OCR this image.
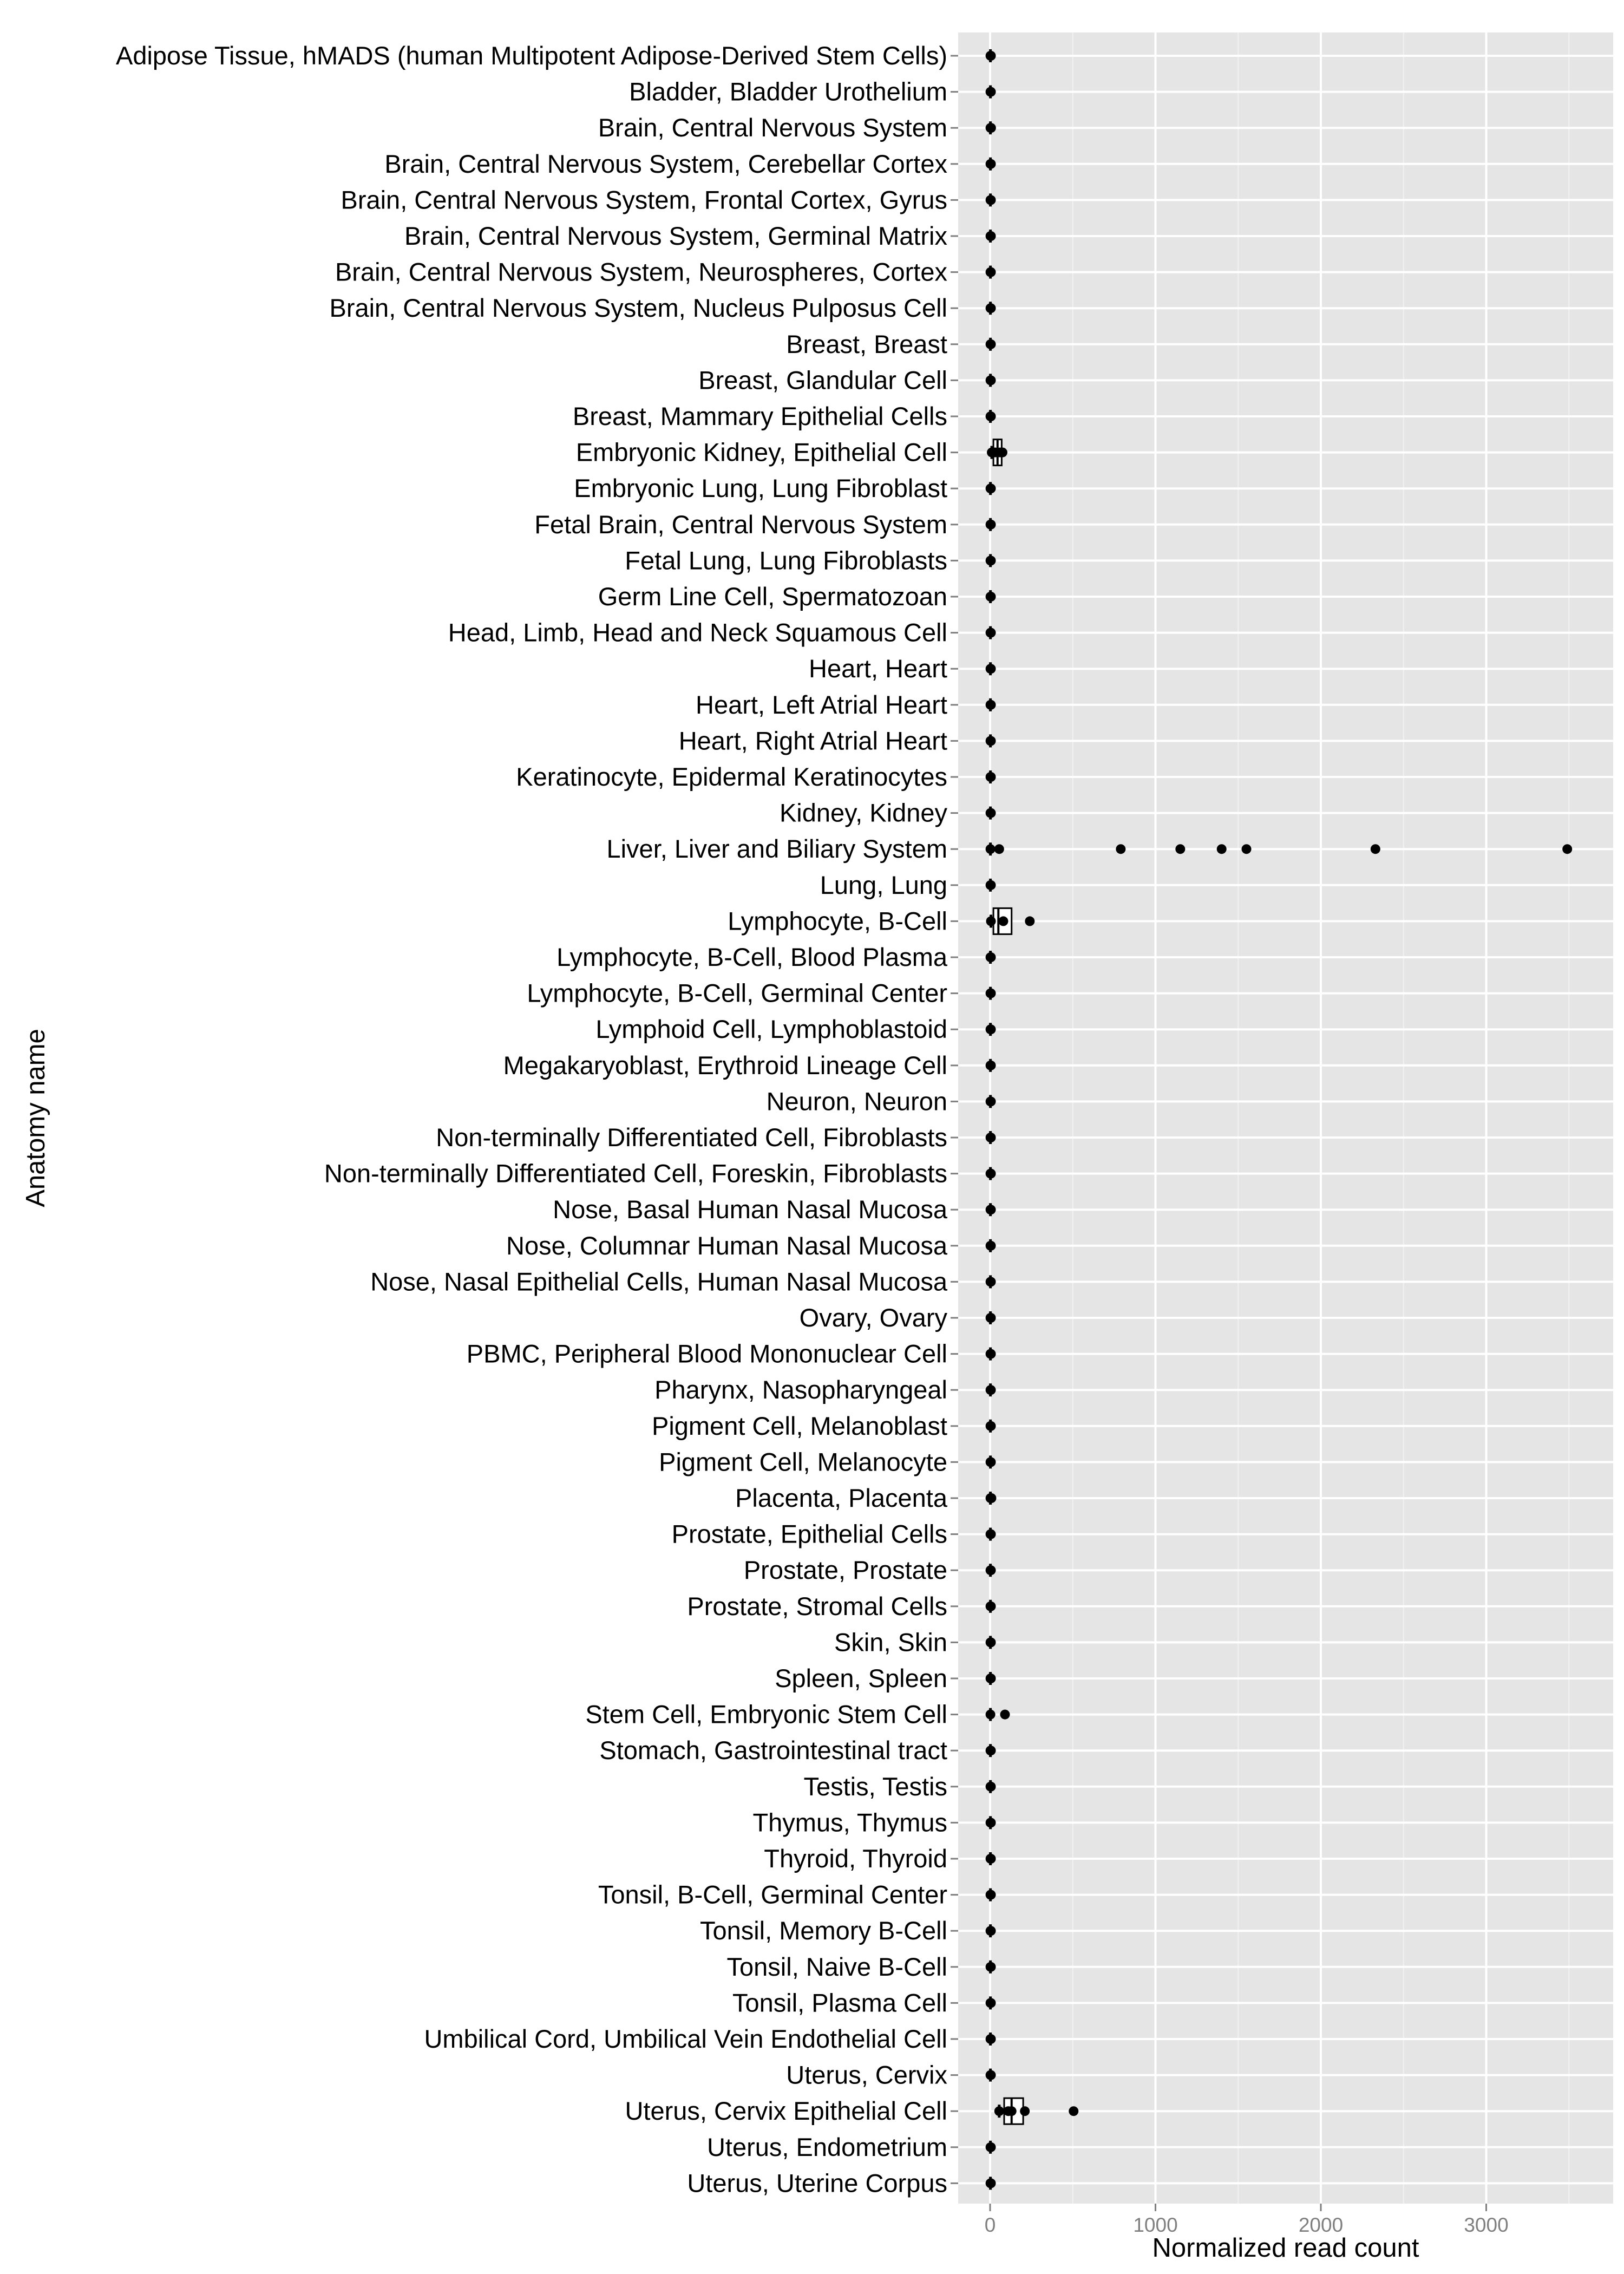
Adipose Tissue, hMADS (human Multipotent Adipose-Derived Stem Cells)
Bladder, Bladder Urothelium
Brain, Central Nervous System
Brain, Central Nervous System, Cerebellar Cortex
Brain, Central Nervous System, Frontal Cortex, Gyrus
Brain, Central Nervous System, Germinal Matrix
Brain, Central Nervous System, Neurospheres, Cortex
Brain, Central Nervous System, Nucleus Pulposus Cell
Breast, Breast
Breast, Glandular Cell
Breast, Mammary Epithelial Cells
Embryonic Kidney, Epithelial Cell
Embryonic Lung, Lung Fibroblast
Fetal Brain, Central Nervous System
Fetal Lung, Lung Fibroblasts
Germ Line Cell, Spermatozoan
Head, Limb, Head and Neck Squamous Cell
Heart, Heart
Heart, Left Atrial Heart
Heart, Right Atrial Heart
Keratinocyte, Epidermal Keratinocytes
Kidney, Kidney
Liver, Liver and Biliary System
Lung, Lung
Lymphocyte, B-Cell
Lymphocyte, B-Cell, Blood Plasma
Lymphocyte, B-Cell, Germinal Center
Lymphoid Cell, Lymphoblastoid
Megakaryoblast, Erythroid Lineage Cell
Neuron, Neuron
Non-terminally Differentiated Cell, Fibroblasts
Non-terminally Differentiated Cell, Foreskin, Fibroblasts
Nose, Basal Human Nasal Mucosa
Nose, Columnar Human Nasal Mucosa
Nose, Nasal Epithelial Cells, Human Nasal Mucosa
Ovary, Ovary
PBMC, Peripheral Blood Mononuclear Cell
Pharynx, Nasopharyngeal
Pigment Cell, Melanoblast
Pigment Cell, Melanocyte
Placenta, Placenta
Prostate, Epithelial Cells
Prostate, Prostate
Prostate, Stromal Cells
Skin, Skin
Spleen, Spleen
Stem Cell, Embryonic Stem Cell
Stomach, Gastrointestinal tract
Testis, Testis
Thymus, Thymus
Thyroid, Thyroid
Tonsil, B-Cell, Germinal Center
Tonsil, Memory B-Cell
Tonsil, Naive B-Cell
Tonsil, Plasma Cell
Umbilical Cord, Umbilical Vein Endothelial Cell
Uterus, Cervix
Uterus, Cervix Epithelial Cell
Uterus, Endometrium
Uterus, Uterine Corpus
0	1000	2000	3000
Normalized read count
Anatomy name
